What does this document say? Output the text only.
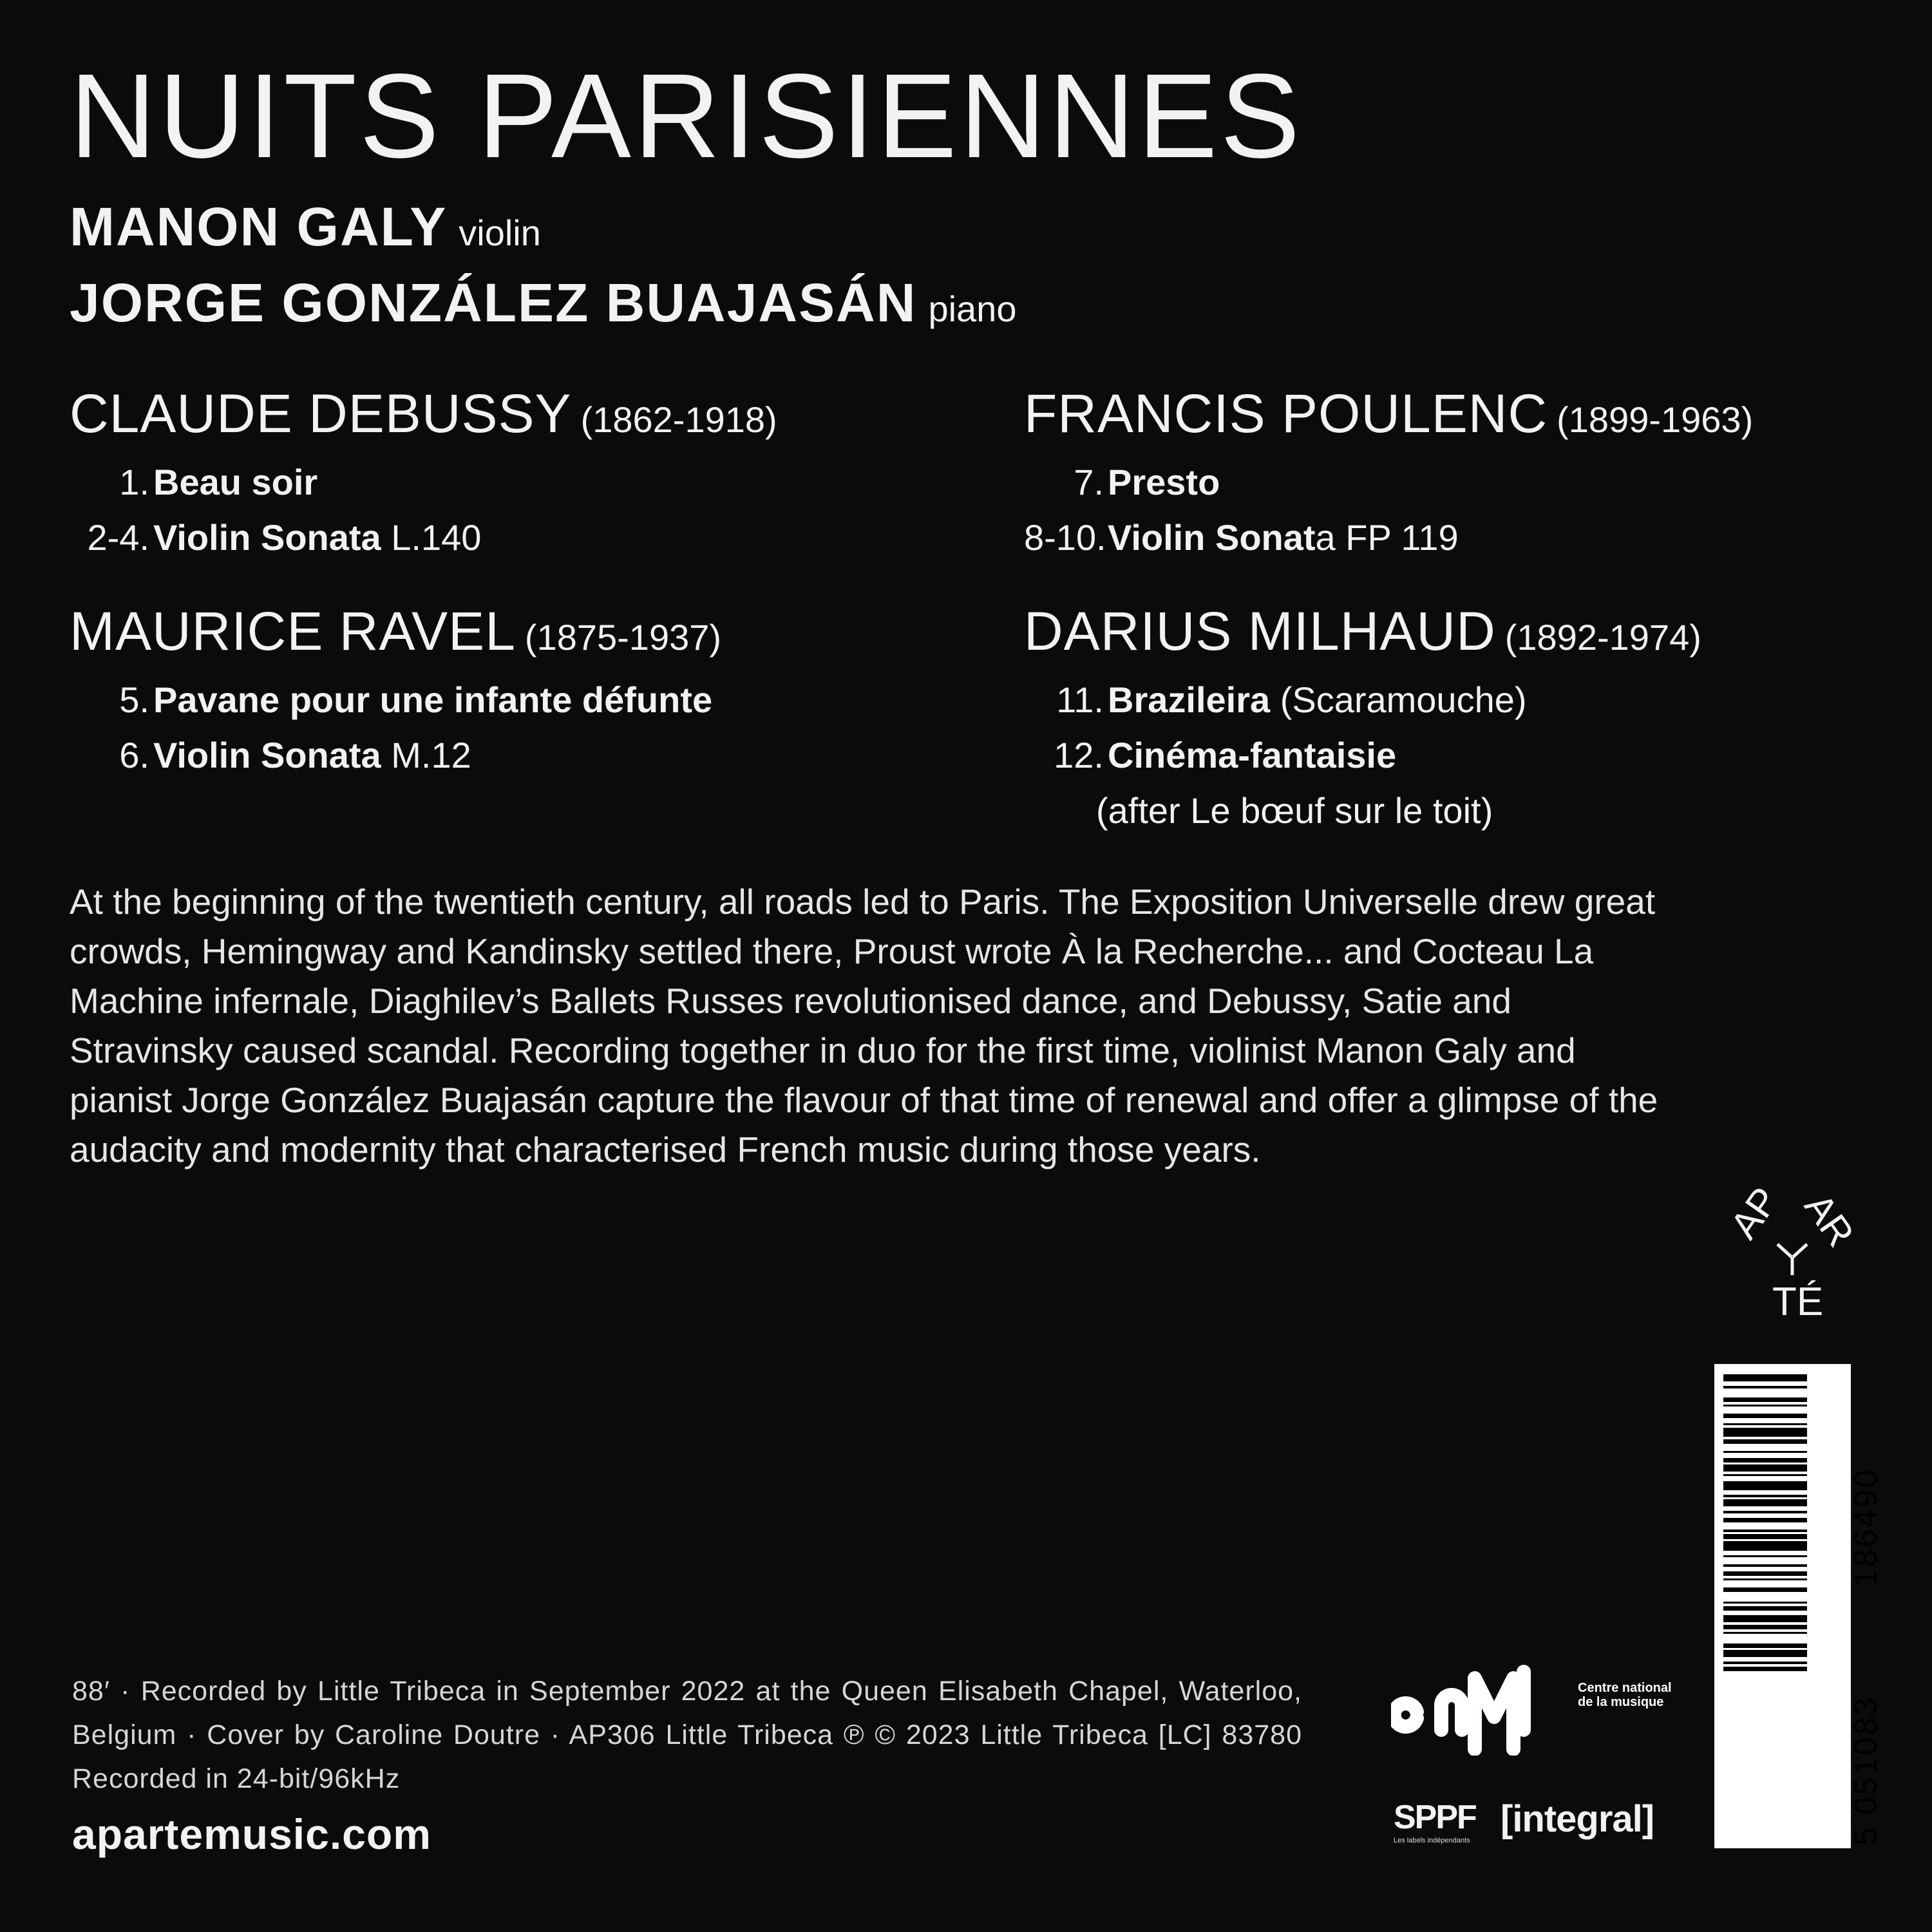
NUITS PARISIENNES
MANON GALY violin
JORGE GONZÁLEZ BUAJASÁN piano
CLAUDE DEBUSSY (1862-1918)
1. Beau soir
2-4. Violin Sonata L.140
FRANCIS POULENC (1899-1963)
7. Presto
8-10. Violin Sonata FP 119
MAURICE RAVEL (1875-1937)
5. Pavane pour une infante défunte
6. Violin Sonata M.12
DARIUS MILHAUD (1892-1974)
11. Brazileira (Scaramouche)
12. Cinéma-fantaisie
(after Le bœuf sur le toit)
At the beginning of the twentieth century, all roads led to Paris. The Exposition Universelle drew great crowds, Hemingway and Kandinsky settled there, Proust wrote À la Recherche... and Cocteau La Machine infernale, Diaghilev’s Ballets Russes revolutionised dance, and Debussy, Satie and Stravinsky caused scandal. Recording together in duo for the first time, violinist Manon Galy and pianist Jorge González Buajasán capture the flavour of that time of renewal and offer a glimpse of the audacity and modernity that characterised French music during those years.
AP AR
TÉ
5
051083
186490
Centre national de la musique
SPPF
Les labels indépendants
[integral]
88′ · Recorded by Little Tribeca in September 2022 at the Queen Elisabeth Chapel, Waterloo, Belgium · Cover by Caroline Doutre · AP306 Little Tribeca ℗ © 2023 Little Tribeca [LC] 83780 Recorded in 24-bit/96kHz
apartemusic.com
